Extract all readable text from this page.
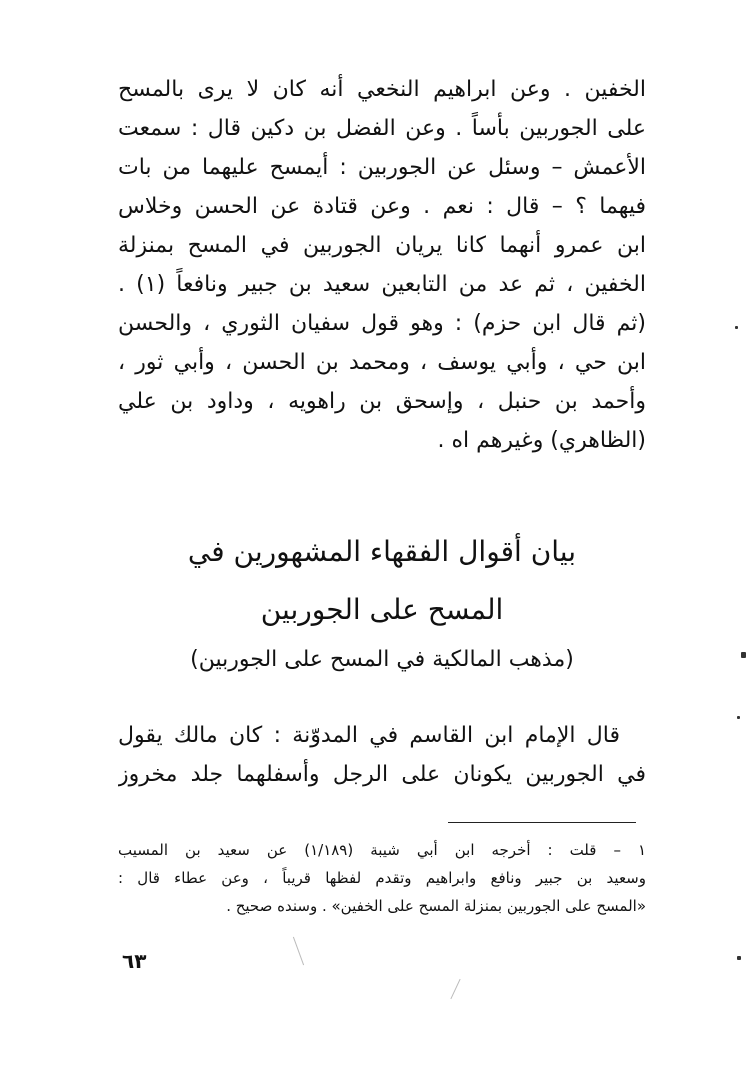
الخفين . وعن ابراهيم النخعي أنه كان لا يرى بالمسح
على الجوربين بأساً . وعن الفضل بن دكين قال : سمعت
الأعمش – وسئل عن الجوربين : أيمسح عليهما من بات
فيهما ؟ – قال : نعم . وعن قتادة عن الحسن وخلاس
ابن عمرو أنهما كانا يريان الجوربين في المسح بمنزلة
الخفين ، ثم عد من التابعين سعيد بن جبير ونافعاً (١) .
(ثم قال ابن حزم) : وهو قول سفيان الثوري ، والحسن
ابن حي ، وأبي يوسف ، ومحمد بن الحسن ، وأبي ثور ،
وأحمد بن حنبل ، وإسحق بن راهويه ، وداود بن علي
(الظاهري) وغيرهم اه .
بيان أقوال الفقهاء المشهورين في
المسح على الجوربين
(مذهب المالكية في المسح على الجوربين)
قال الإمام ابن القاسم في المدوّنة : كان مالك يقول
في الجوربين يكونان على الرجل وأسفلهما جلد مخروز
١ – قلت : أخرجه ابن أبي شيبة (١/١٨٩) عن سعيد بن المسيب
وسعيد بن جبير ونافع وابراهيم وتقدم لفظها قريباً ، وعن عطاء قال :
«المسح على الجوربين بمنزلة المسح على الخفين» . وسنده صحيح .
٦٣
